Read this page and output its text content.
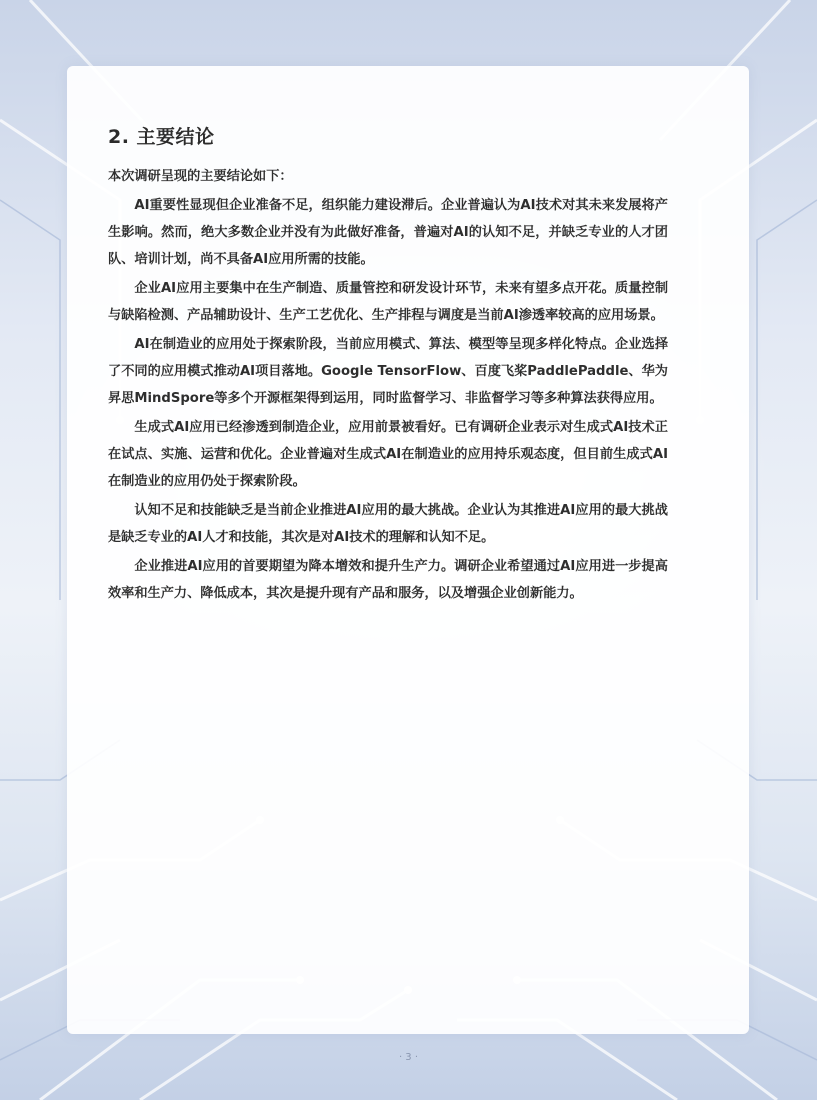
2. 主要结论

本次调研呈现的主要结论如下：

AI重要性显现但企业准备不足，组织能力建设滞后。企业普遍认为AI技术对其未来发展将产生影响。然而，绝大多数企业并没有为此做好准备，普遍对AI的认知不足，并缺乏专业的人才团队、培训计划，尚不具备AI应用所需的技能。

企业AI应用主要集中在生产制造、质量管控和研发设计环节，未来有望多点开花。质量控制与缺陷检测、产品辅助设计、生产工艺优化、生产排程与调度是当前AI渗透率较高的应用场景。

AI在制造业的应用处于探索阶段，当前应用模式、算法、模型等呈现多样化特点。企业选择了不同的应用模式推动AI项目落地。Google TensorFlow、百度飞桨PaddlePaddle、华为昇思MindSpore等多个开源框架得到运用，同时监督学习、非监督学习等多种算法获得应用。

生成式AI应用已经渗透到制造企业，应用前景被看好。已有调研企业表示对生成式AI技术正在试点、实施、运营和优化。企业普遍对生成式AI在制造业的应用持乐观态度，但目前生成式AI在制造业的应用仍处于探索阶段。

认知不足和技能缺乏是当前企业推进AI应用的最大挑战。企业认为其推进AI应用的最大挑战是缺乏专业的AI人才和技能，其次是对AI技术的理解和认知不足。

企业推进AI应用的首要期望为降本增效和提升生产力。调研企业希望通过AI应用进一步提高效率和生产力、降低成本，其次是提升现有产品和服务，以及增强企业创新能力。

· 3 ·
